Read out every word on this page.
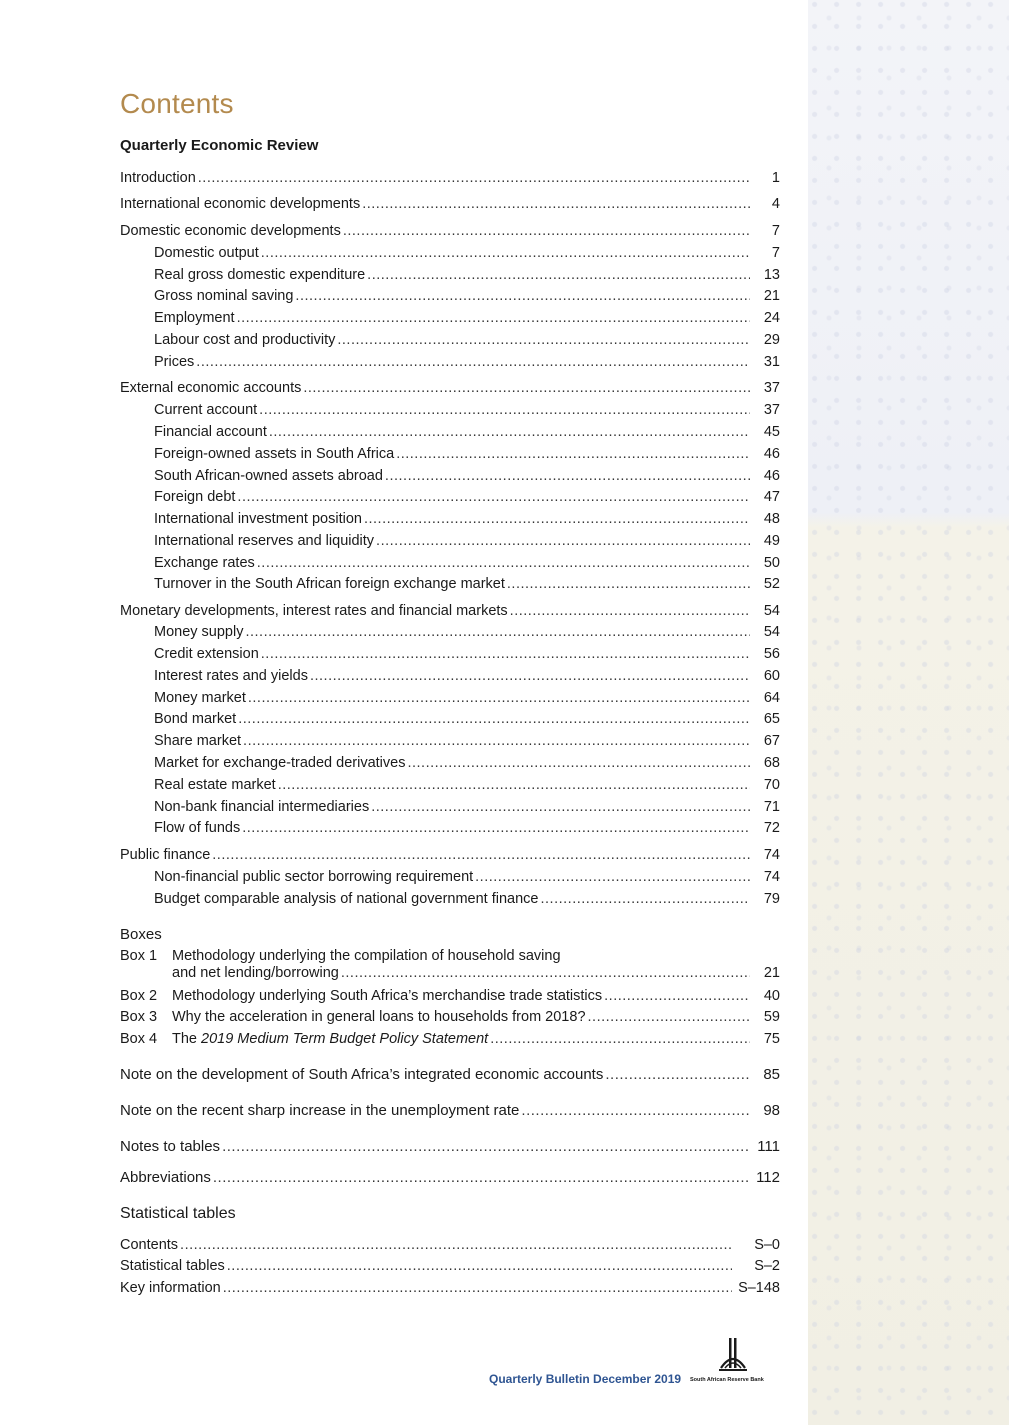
Contents
Quarterly Economic Review
Introduction .....	1
International economic developments .....	4
Domestic economic developments .....	7
Domestic output .....	7
Real gross domestic expenditure .....	13
Gross nominal saving .....	21
Employment .....	24
Labour cost and productivity .....	29
Prices .....	31
External economic accounts .....	37
Current account .....	37
Financial account .....	45
Foreign-owned assets in South Africa .....	46
South African-owned assets abroad .....	46
Foreign debt .....	47
International investment position .....	48
International reserves and liquidity .....	49
Exchange rates .....	50
Turnover in the South African foreign exchange market .....	52
Monetary developments, interest rates and financial markets .....	54
Money supply .....	54
Credit extension .....	56
Interest rates and yields .....	60
Money market .....	64
Bond market .....	65
Share market .....	67
Market for exchange-traded derivatives .....	68
Real estate market .....	70
Non-bank financial intermediaries .....	71
Flow of funds .....	72
Public finance .....	74
Non-financial public sector borrowing requirement .....	74
Budget comparable analysis of national government finance .....	79
Boxes
Box 1 Methodology underlying the compilation of household saving
and net lending/borrowing .....	21
Box 2 Methodology underlying South Africa’s merchandise trade statistics .....	40
Box 3 Why the acceleration in general loans to households from 2018? .....	59
Box 4 The 2019 Medium Term Budget Policy Statement .....	75
Note on the development of South Africa’s integrated economic accounts .....	85
Note on the recent sharp increase in the unemployment rate .....	98
Notes to tables .....	111
Abbreviations .....	112
Statistical tables
Contents .....	S–0
Statistical tables .....	S–2
Key information .....	S–148
Quarterly Bulletin December 2019 South African Reserve Bank
